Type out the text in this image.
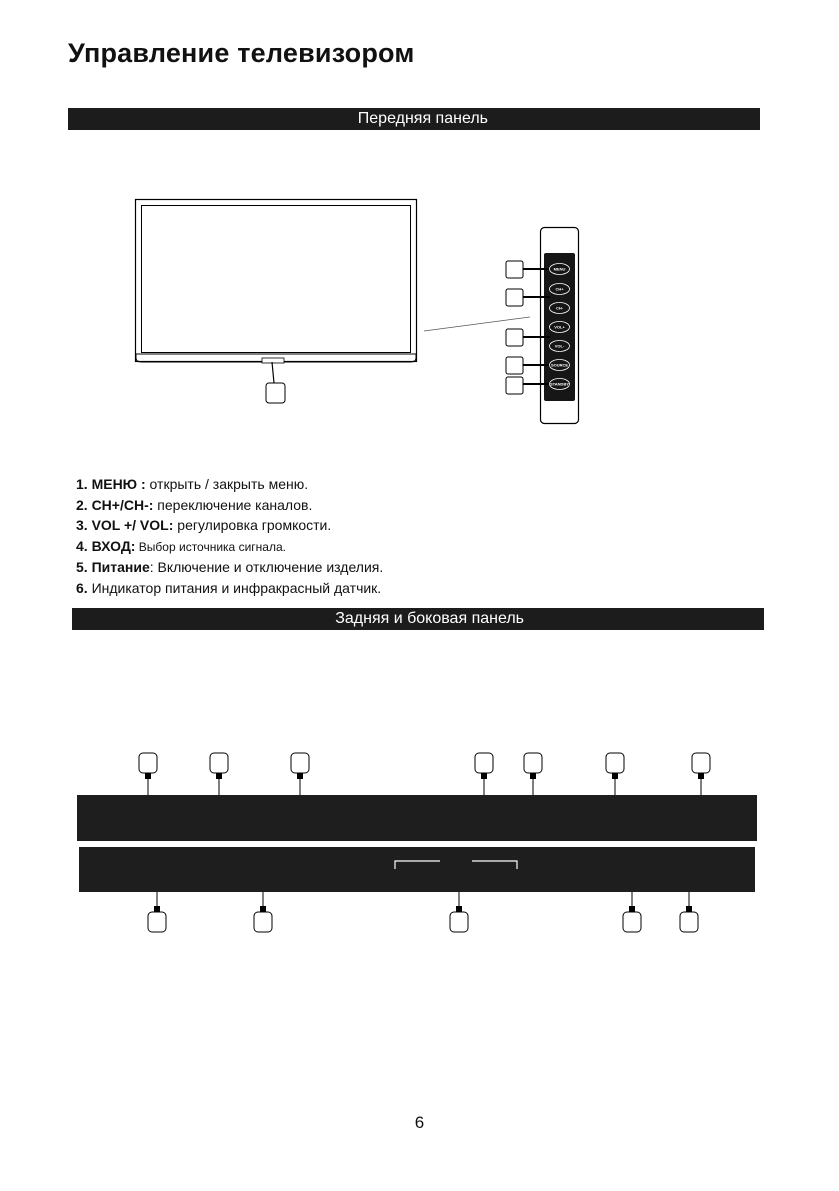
Управление телевизором
Передняя панель
MENU
CH+
CH-
VOL+
VOL-
SOURCE
STANDBY
1. МЕНЮ : открыть / закрыть меню.
2. CH+/CH-: переключение каналов.
3. VOL +/ VOL: регулировка громкости.
4. ВХОД: Выбор источника сигнала.
5. Питание: Включение и отключение изделия.
6. Индикатор питания и инфракрасный датчик.
Задняя и боковая панель
6
